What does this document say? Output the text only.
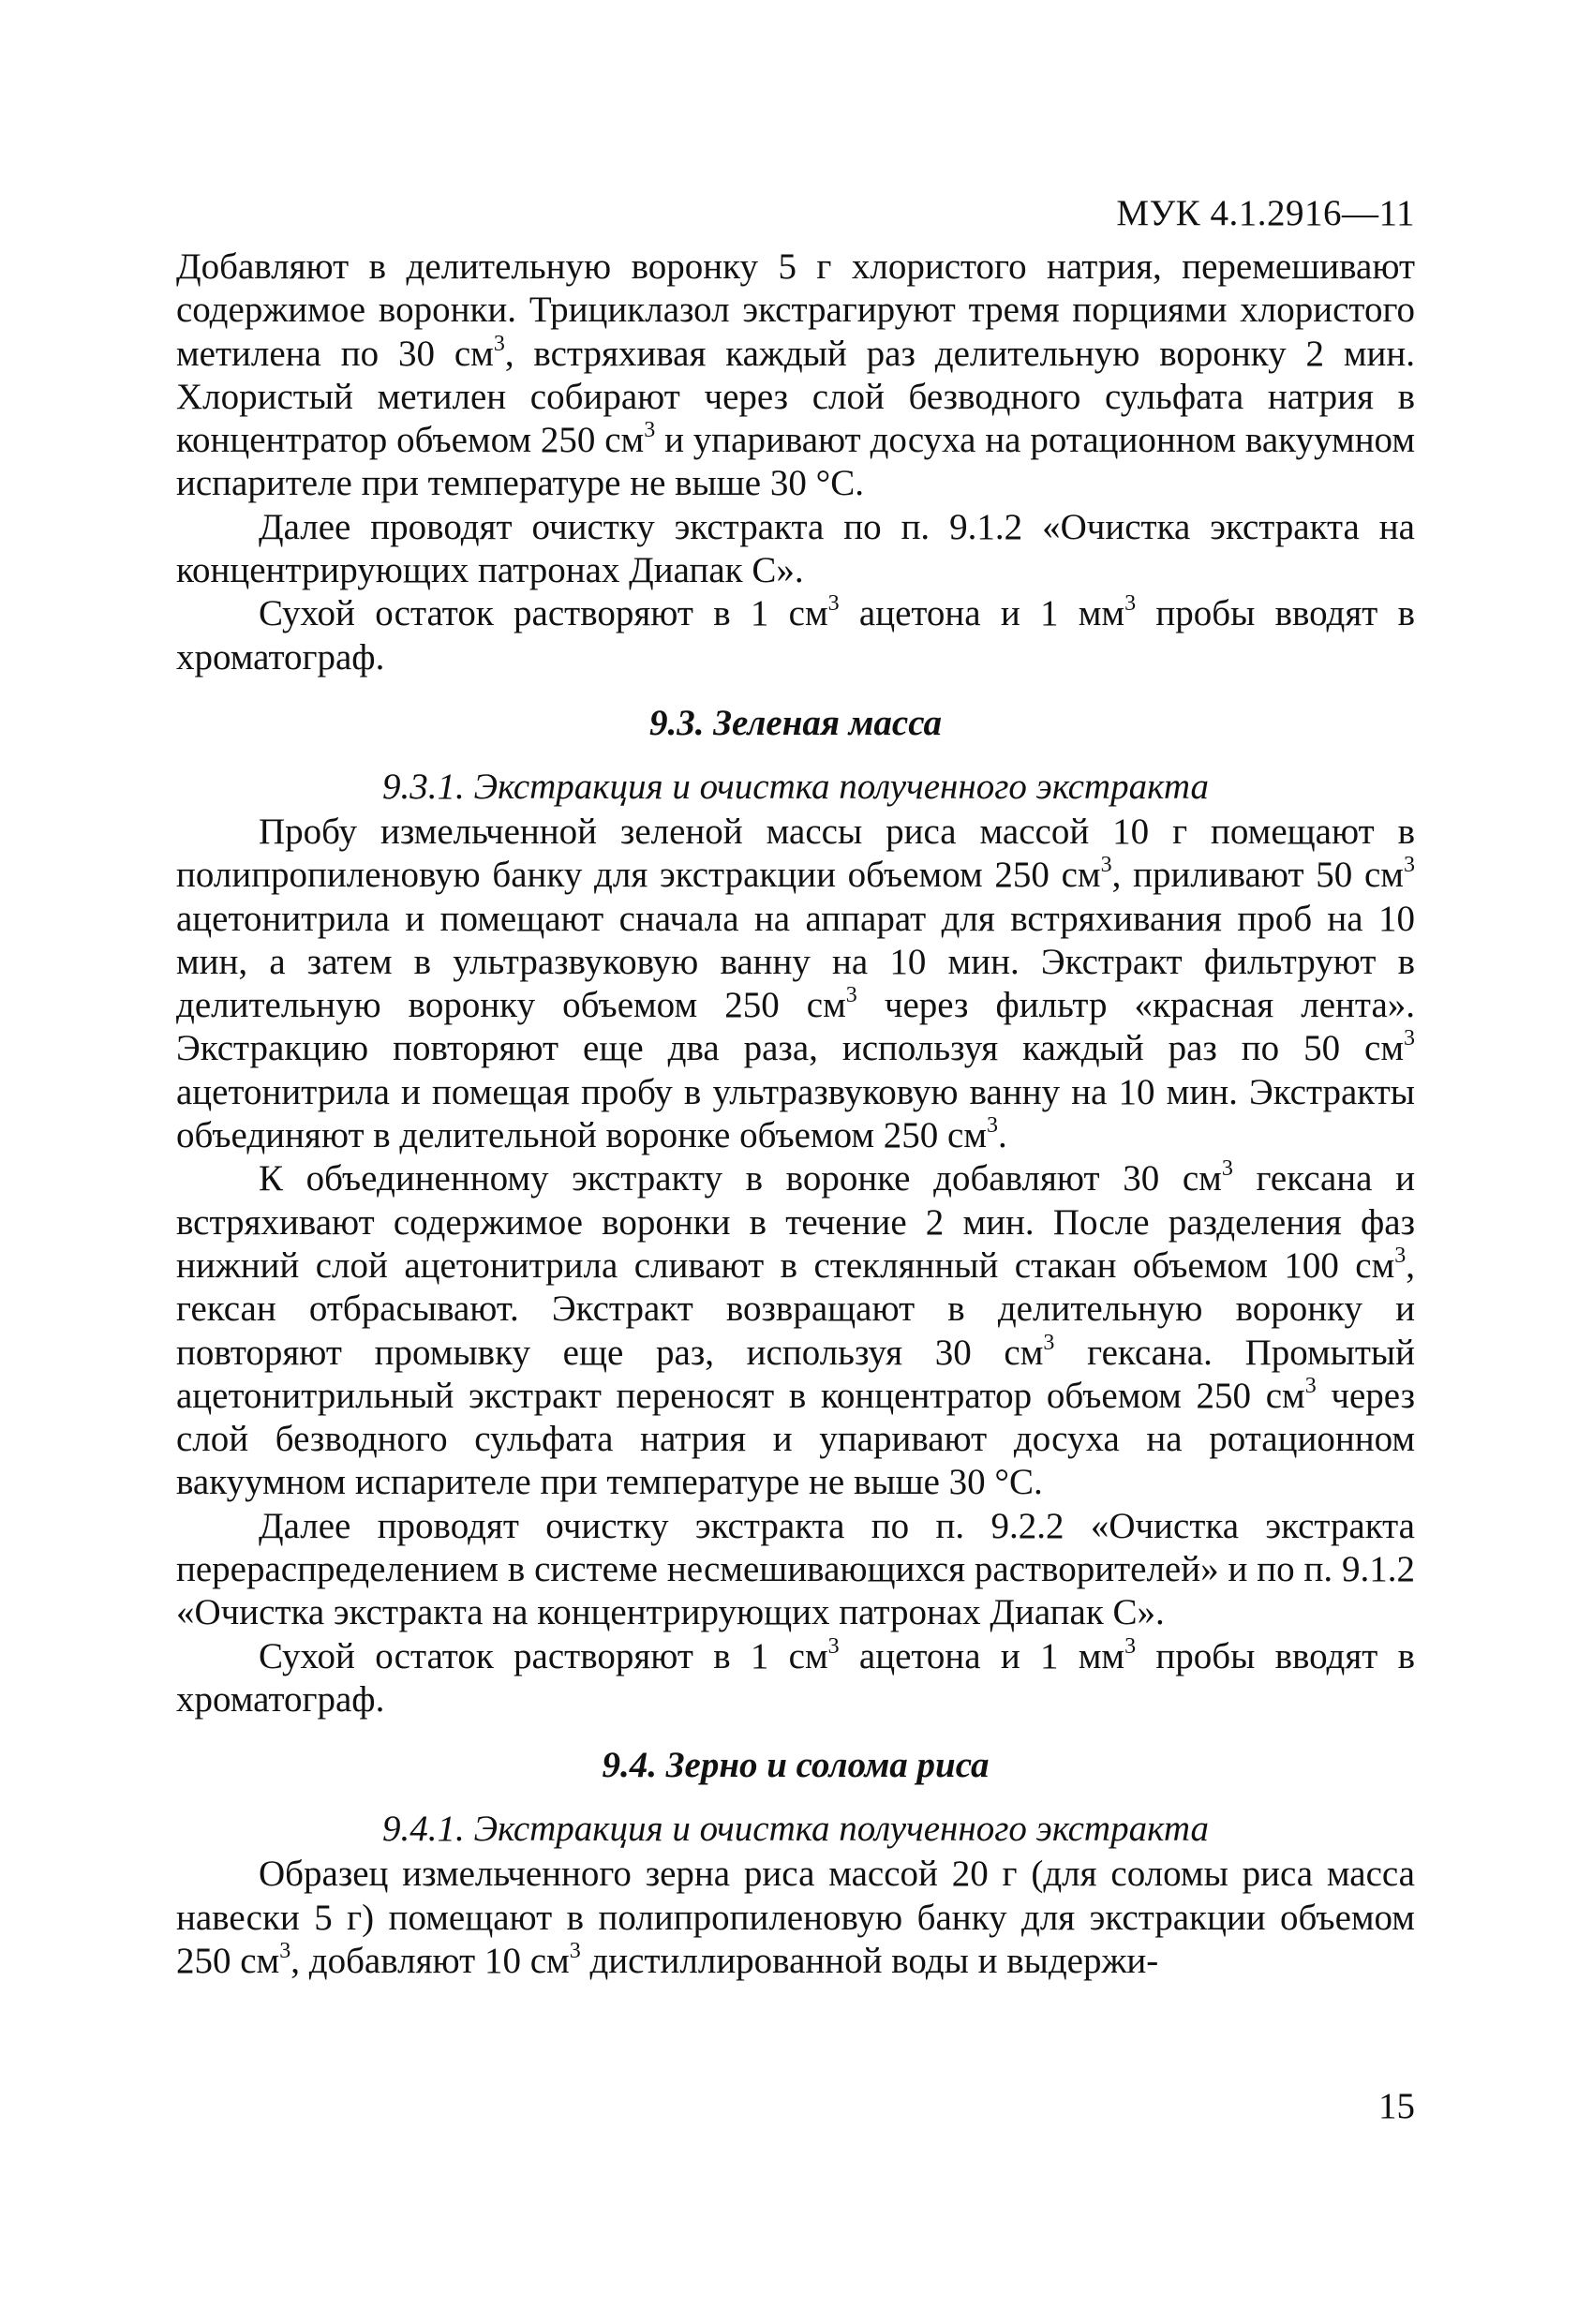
МУК 4.1.2916—11

Добавляют в делительную воронку 5 г хлористого натрия, перемешивают содержимое воронки. Трициклазол экстрагируют тремя порциями хлористого метилена по 30 $см^3$, встряхивая каждый раз делительную воронку 2 мин. Хлористый метилен собирают через слой безводного сульфата натрия в концентратор объемом 250 $см^3$ и упаривают досуха на ротационном вакуумном испарителе при температуре не выше 30 °С.

Далее проводят очистку экстракта по п. 9.1.2 «Очистка экстракта на концентрирующих патронах Диапак С».

Сухой остаток растворяют в 1 $см^3$ ацетона и 1 $мм^3$ пробы вводят в хроматограф.

9.3. Зеленая масса
9.3.1. Экстракция и очистка полученного экстракта

Пробу измельченной зеленой массы риса массой 10 г помещают в полипропиленовую банку для экстракции объемом 250 $см^3$, приливают 50 $см^3$ ацетонитрила и помещают сначала на аппарат для встряхивания проб на 10 мин, а затем в ультразвуковую ванну на 10 мин. Экстракт фильтруют в делительную воронку объемом 250 $см^3$ через фильтр «красная лента». Экстракцию повторяют еще два раза, используя каждый раз по 50 $см^3$ ацетонитрила и помещая пробу в ультразвуковую ванну на 10 мин. Экстракты объединяют в делительной воронке объемом 250 $см^3$.

К объединенному экстракту в воронке добавляют 30 $см^3$ гексана и встряхивают содержимое воронки в течение 2 мин. После разделения фаз нижний слой ацетонитрила сливают в стеклянный стакан объемом 100 $см^3$, гексан отбрасывают. Экстракт возвращают в делительную воронку и повторяют промывку еще раз, используя 30 $см^3$ гексана. Промытый ацетонитрильный экстракт переносят в концентратор объемом 250 $см^3$ через слой безводного сульфата натрия и упаривают досуха на ротационном вакуумном испарителе при температуре не выше 30 °С.

Далее проводят очистку экстракта по п. 9.2.2 «Очистка экстракта перераспределением в системе несмешивающихся растворителей» и по п. 9.1.2 «Очистка экстракта на концентрирующих патронах Диапак С».

Сухой остаток растворяют в 1 $см^3$ ацетона и 1 $мм^3$ пробы вводят в хроматограф.

9.4. Зерно и солома риса
9.4.1. Экстракция и очистка полученного экстракта

Образец измельченного зерна риса массой 20 г (для соломы риса масса навески 5 г) помещают в полипропиленовую банку для экстракции объемом 250 $см^3$, добавляют 10 $см^3$ дистиллированной воды и выдержи-

15
